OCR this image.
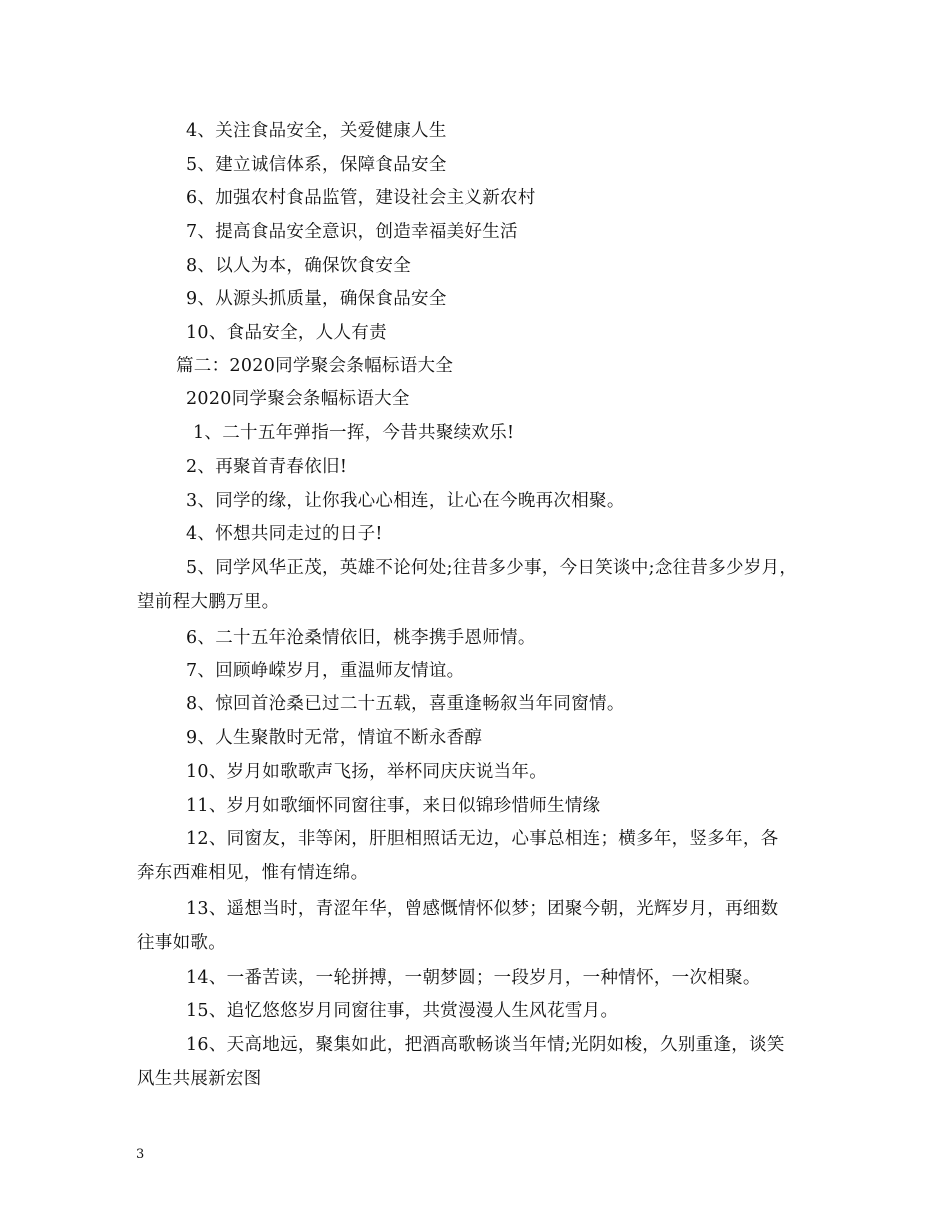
4、关注食品安全，关爱健康人生
5、建立诚信体系，保障食品安全
6、加强农村食品监管，建设社会主义新农村
7、提高食品安全意识，创造幸福美好生活
8、以人为本，确保饮食安全
9、从源头抓质量，确保食品安全
10、食品安全，人人有责
篇二：2020同学聚会条幅标语大全
2020同学聚会条幅标语大全
1、二十五年弹指一挥，今昔共聚续欢乐!
2、再聚首青春依旧!
3、同学的缘，让你我心心相连，让心在今晚再次相聚。
4、怀想共同走过的日子!
5、同学风华正茂，英雄不论何处;往昔多少事，今日笑谈中;念往昔多少岁月，
望前程大鹏万里。
6、二十五年沧桑情依旧，桃李携手恩师情。
7、回顾峥嵘岁月，重温师友情谊。
8、惊回首沧桑已过二十五载，喜重逢畅叙当年同窗情。
9、人生聚散时无常，情谊不断永香醇
10、岁月如歌歌声飞扬，举杯同庆庆说当年。
11、岁月如歌缅怀同窗往事，来日似锦珍惜师生情缘
12、同窗友，非等闲，肝胆相照话无边，心事总相连；横多年，竖多年，各
奔东西难相见，惟有情连绵。
13、遥想当时，青涩年华，曾感慨情怀似梦；团聚今朝，光辉岁月，再细数
往事如歌。
14、一番苦读，一轮拼搏，一朝梦圆；一段岁月，一种情怀，一次相聚。
15、追忆悠悠岁月同窗往事，共赏漫漫人生风花雪月。
16、天高地远，聚集如此，把酒高歌畅谈当年情;光阴如梭，久别重逢，谈笑
风生共展新宏图
3
